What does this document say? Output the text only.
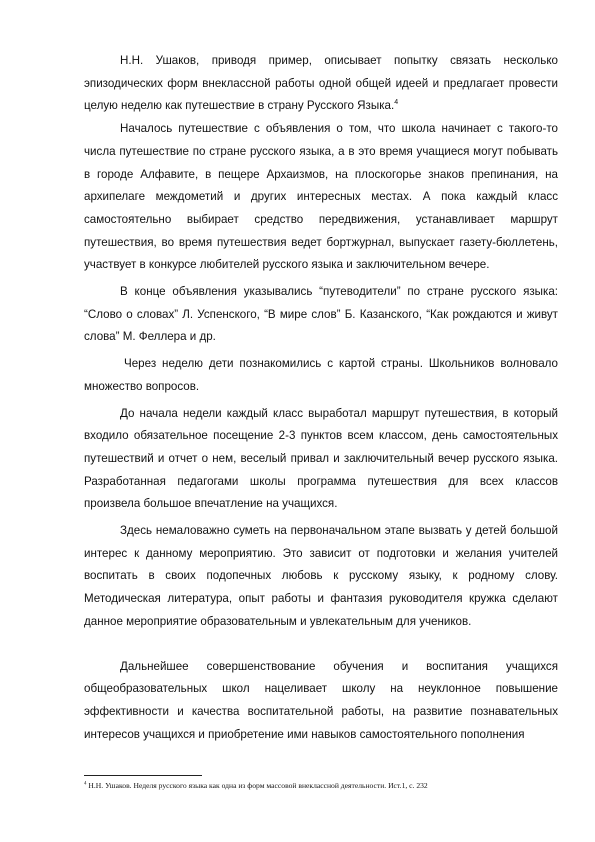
Н.Н. Ушаков, приводя пример, описывает попытку связать несколько эпизодических форм внеклассной работы одной общей идеей и предлагает провести целую неделю как путешествие в страну Русского Языка.$^4$

Началось путешествие с объявления о том, что школа начинает с такого-то числа путешествие по стране русского языка, а в это время учащиеся могут побывать в городе Алфавите, в пещере Архаизмов, на плоскогорье знаков препинания, на архипелаге междометий и других интересных местах. А пока каждый класс самостоятельно выбирает средство передвижения, устанавливает маршрут путешествия, во время путешествия ведет бортжурнал, выпускает газету-бюллетень, участвует в конкурсе любителей русского языка и заключительном вечере.

В конце объявления указывались “путеводители” по стране русского языка: “Слово о словах” Л. Успенского, “В мире слов” Б. Казанского, “Как рождаются и живут слова” М. Феллера и др.

Через неделю дети познакомились с картой страны. Школьников волновало множество вопросов.

До начала недели каждый класс выработал маршрут путешествия, в который входило обязательное посещение 2-3 пунктов всем классом, день самостоятельных путешествий и отчет о нем, веселый привал и заключительный вечер русского языка. Разработанная педагогами школы программа путешествия для всех классов произвела большое впечатление на учащихся.

Здесь немаловажно суметь на первоначальном этапе вызвать у детей большой интерес к данному мероприятию. Это зависит от подготовки и желания учителей воспитать в своих подопечных любовь к русскому языку, к родному слову. Методическая литература, опыт работы и фантазия руководителя кружка сделают данное мероприятие образовательным и увлекательным для учеников.

Дальнейшее совершенствование обучения и воспитания учащихся общеобразовательных школ нацеливает школу на неуклонное повышение эффективности и качества воспитательной работы, на развитие познавательных интересов учащихся и приобретение ими навыков самостоятельного пополнения

$^4$ Н.Н. Ушаков. Неделя русского языка как одна из форм массовой внеклассной деятельности. Ист.1, с. 232
